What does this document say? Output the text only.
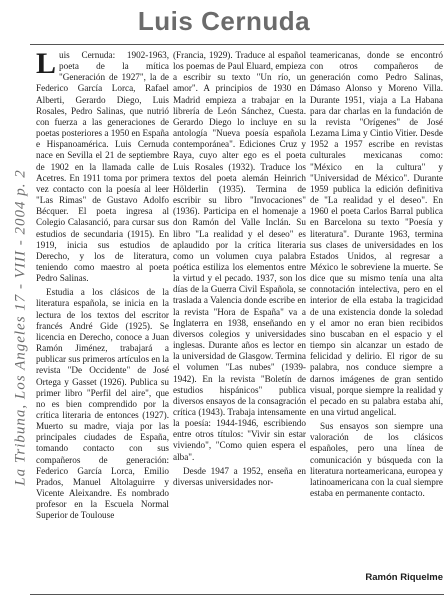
Luis Cernuda
La Tribuna, Los Angeles 17 - VIII - 2004 p. 2

Luis Cernuda: 1902-1963, poeta de la mítica "Generación de 1927", la de Federico García Lorca, Rafael Alberti, Gerardo Diego, Luis Rosales, Pedro Salinas, que nutrió con fuerza a las generaciones de poetas posteriores a 1950 en España e Hispanoamérica. Luis Cernuda nace en Sevilla el 21 de septiembre de 1902 en la llamada calle de Acetres. En 1911 toma por primera vez contacto con la poesía al leer "Las Rimas" de Gustavo Adolfo Bécquer. El poeta ingresa al Colegio Calasanció, para cursar sus estudios de secundaria (1915). En 1919, inicia sus estudios de Derecho, y los de literatura, teniendo como maestro al poeta Pedro Salinas.

Estudia a los clásicos de la literatura española, se inicia en la lectura de los textos del escritor francés André Gide (1925). Se licencia en Derecho, conoce a Juan Ramón Jiménez, trabajará a publicar sus primeros artículos en la revista "De Occidente" de José Ortega y Gasset (1926). Publica su primer libro "Perfil del aire", que no es bien comprendido por la crítica literaria de entonces (1927). Muerto su madre, viaja por las principales ciudades de España, tomando contacto con sus compañeros de generación: Federico García Lorca, Emilio Prados, Manuel Altolaguirre y Vicente Aleixandre. Es nombrado profesor en la Escuela Normal Superior de Toulouse

(Francia, 1929). Traduce al español los poemas de Paul Eluard, empieza a escribir su texto "Un río, un amor". A principios de 1930 en Madrid empieza a trabajar en la librería de León Sánchez, Cuesta. Gerardo Diego lo incluye en su antología "Nueva poesía española contemporánea". Ediciones Cruz y Raya, cuyo alter ego es el poeta Luis Rosales (1932). Traduce los textos del poeta alemán Heinrich Hölderlin (1935). Termina de escribir su libro "Invocaciones" (1936). Participa en el homenaje a don Ramón del Valle Inclán. Su libro "La realidad y el deseo" es aplaudido por la crítica literaria como un volumen cuya palabra poética estiliza los elementos entre la virtud y el pecado. 1937, son los días de la Guerra Civil Española, se traslada a Valencia donde escribe en la revista "Hora de España" va a Inglaterra en 1938, enseñando en diversos colegios y universidades inglesas. Durante años es lector en la universidad de Glasgow. Termina el volumen "Las nubes" (1939-1942). En la revista "Boletín de estudios hispánicos" publica diversos ensayos de la consagración crítica (1943). Trabaja intensamente la poesía: 1944-1946, escribiendo entre otros títulos: "Vivir sin estar viviendo", "Como quien espera el alba".

Desde 1947 a 1952, enseña en diversas universidades nor-

teamericanas, donde se encontró con otros compañeros de generación como Pedro Salinas, Dámaso Alonso y Moreno Villa. Durante 1951, viaja a La Habana para dar charlas en la fundación de la revista "Orígenes" de José Lezama Lima y Cintio Vitier. Desde 1952 a 1957 escribe en revistas culturales mexicanas como: "México en la cultura" y "Universidad de México". Durante 1959 publica la edición definitiva de "La realidad y el deseo". En 1960 el poeta Carlos Barral publica en Barcelona su texto "Poesía y literatura". Durante 1963, termina sus clases de universidades en los Estados Unidos, al regresar a México le sobreviene la muerte. Se dice que su mismo tenía una alta connotación intelectiva, pero en el interior de ella estaba la tragicidad de una existencia donde la soledad y el amor no eran bien recibidos sino buscaban en el espacio y el tiempo sin alcanzar un estado de felicidad y delirio. El rigor de su palabra, nos conduce siempre a darnos imágenes de gran sentido visual, porque siempre la realidad y el pecado en su palabra estaba ahí, en una virtud angelical.

Sus ensayos son siempre una valoración de los clásicos españoles, pero una línea de comunicación y búsqueda con la literatura norteamericana, europea y latinoamericana con la cual siempre estaba en permanente contacto.

Ramón Riquelme
